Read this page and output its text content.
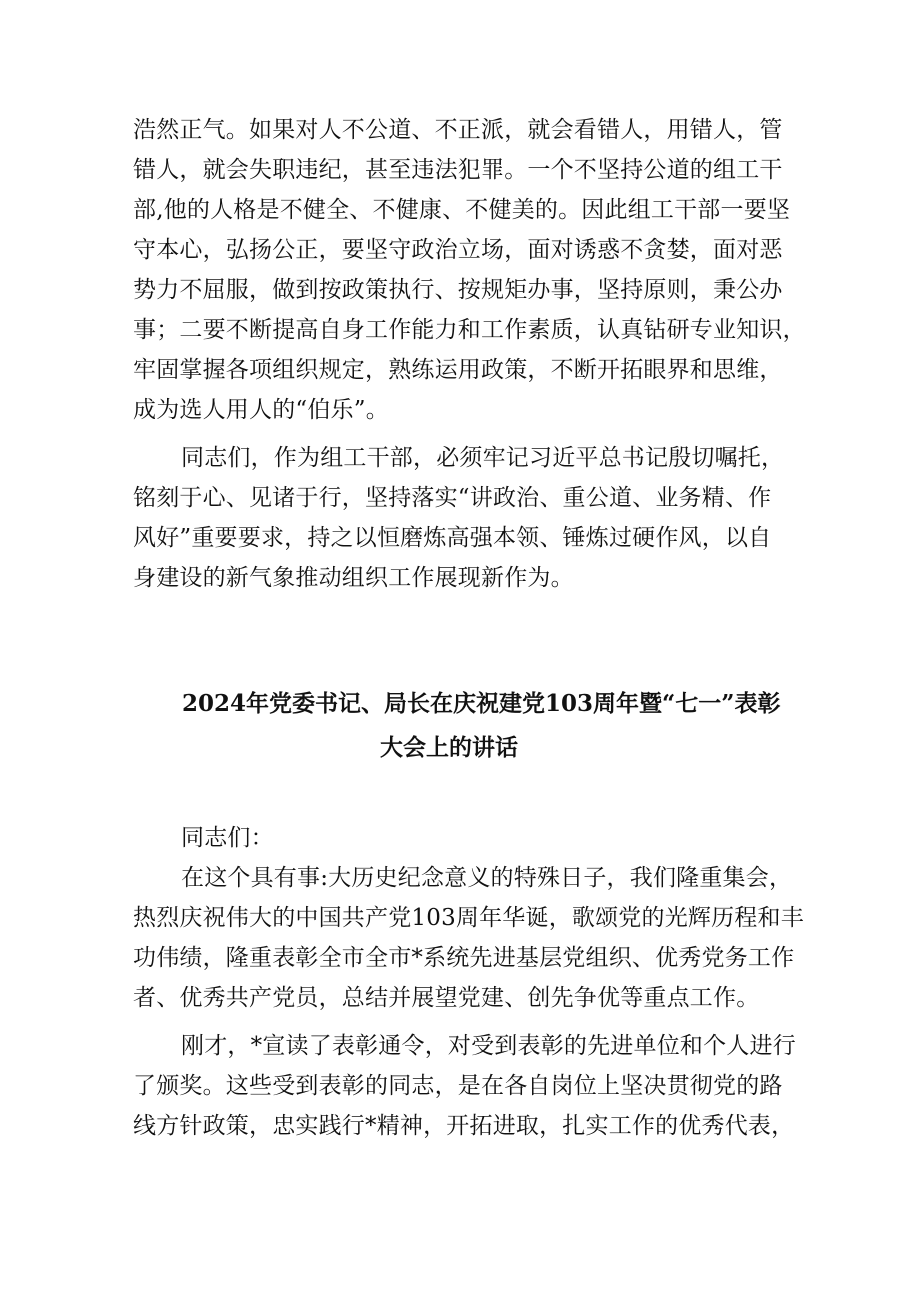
浩然正气。如果对人不公道、不正派，就会看错人，用错人，管
错人，就会失职违纪，甚至违法犯罪。一个不坚持公道的组工干
部,他的人格是不健全、不健康、不健美的。因此组工干部一要坚
守本心，弘扬公正，要坚守政治立场，面对诱惑不贪婪，面对恶
势力不屈服，做到按政策执行、按规矩办事，坚持原则，秉公办
事；二要不断提高自身工作能力和工作素质，认真钻研专业知识，
牢固掌握各项组织规定，熟练运用政策，不断开拓眼界和思维，
成为选人用人的“伯乐”。
同志们，作为组工干部，必须牢记习近平总书记殷切嘱托，
铭刻于心、见诸于行，坚持落实“讲政治、重公道、业务精、作
风好”重要要求，持之以恒磨炼高强本领、锤炼过硬作风，以自
身建设的新气象推动组织工作展现新作为。
2024年党委书记、局长在庆祝建党103周年暨“七一”表彰
大会上的讲话
同志们：
在这个具有事:大历史纪念意义的特殊日子，我们隆重集会，
热烈庆祝伟大的中国共产党103周年华诞，歌颂党的光辉历程和丰
功伟绩，隆重表彰全市全市*系统先进基层党组织、优秀党务工作
者、优秀共产党员，总结并展望党建、创先争优等重点工作。
刚才，*宣读了表彰通令，对受到表彰的先进单位和个人进行
了颁奖。这些受到表彰的同志，是在各自岗位上坚决贯彻党的路
线方针政策，忠实践行*精神，开拓进取，扎实工作的优秀代表，
